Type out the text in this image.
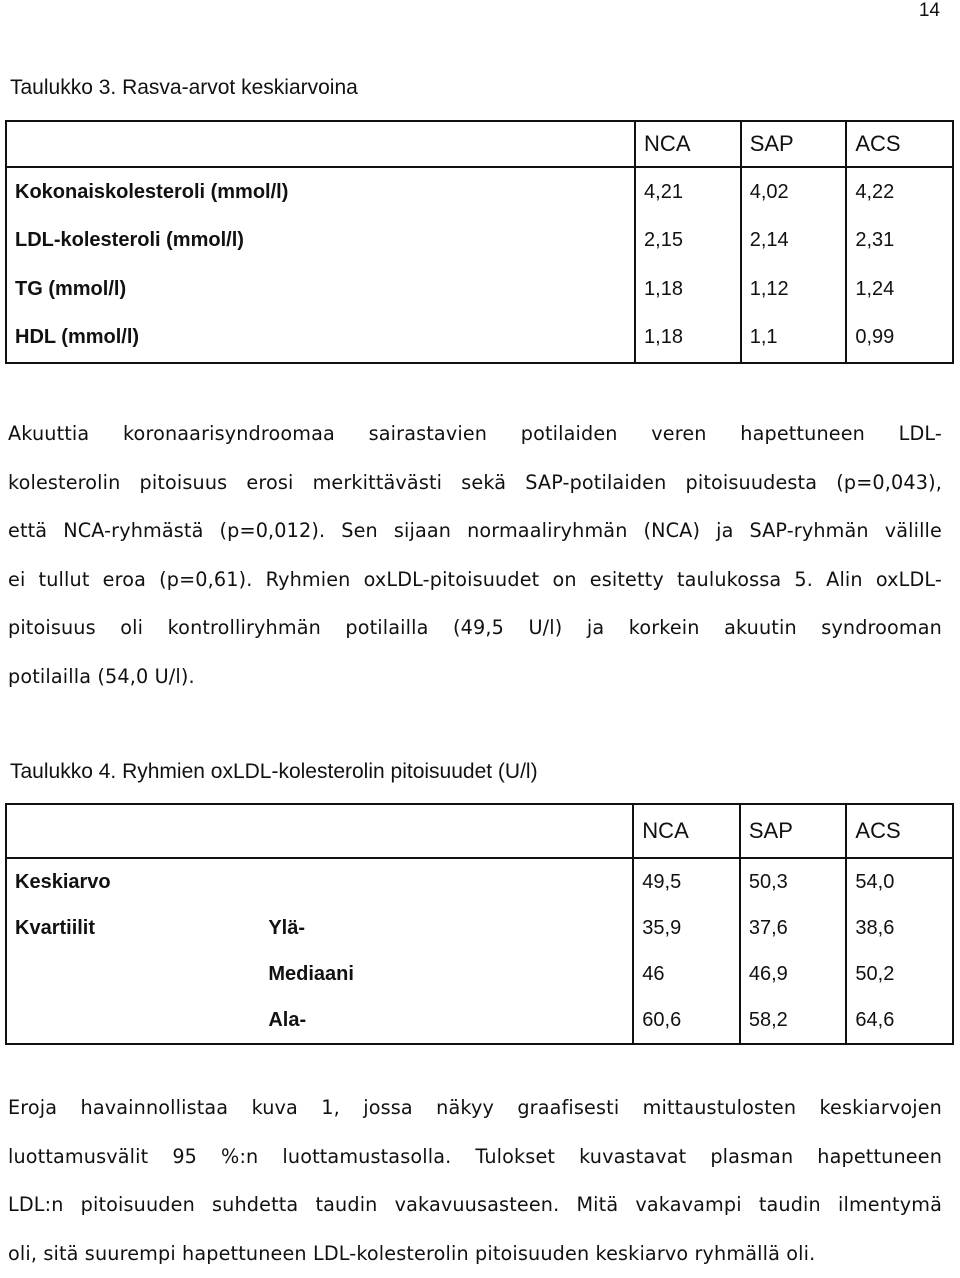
14
Taulukko 3. Rasva-arvot keskiarvoina
	NCA	SAP	ACS
Kokonaiskolesteroli (mmol/l)	4,21	4,02	4,22
LDL-kolesteroli (mmol/l)	2,15	2,14	2,31
TG (mmol/l)	1,18	1,12	1,24
HDL (mmol/l)	1,18	1,1	0,99

Akuuttia koronaarisyndroomaa sairastavien potilaiden veren hapettuneen LDL-
kolesterolin pitoisuus erosi merkittävästi sekä SAP-potilaiden pitoisuudesta (p=0,043),
että NCA-ryhmästä (p=0,012). Sen sijaan normaaliryhmän (NCA) ja SAP-ryhmän välille
ei tullut eroa (p=0,61). Ryhmien oxLDL-pitoisuudet on esitetty taulukossa 5. Alin oxLDL-
pitoisuus oli kontrolliryhmän potilailla (49,5 U/l) ja korkein akuutin syndrooman
potilailla (54,0 U/l).

Taulukko 4. Ryhmien oxLDL-kolesterolin pitoisuudet (U/l)
		NCA	SAP	ACS
Keskiarvo		49,5	50,3	54,0
Kvartiilit	Ylä-	35,9	37,6	38,6
	Mediaani	46	46,9	50,2
	Ala-	60,6	58,2	64,6

Eroja havainnollistaa kuva 1, jossa näkyy graafisesti mittaustulosten keskiarvojen
luottamusvälit 95 %:n luottamustasolla. Tulokset kuvastavat plasman hapettuneen
LDL:n pitoisuuden suhdetta taudin vakavuusasteen. Mitä vakavampi taudin ilmentymä
oli, sitä suurempi hapettuneen LDL-kolesterolin pitoisuuden keskiarvo ryhmällä oli.
